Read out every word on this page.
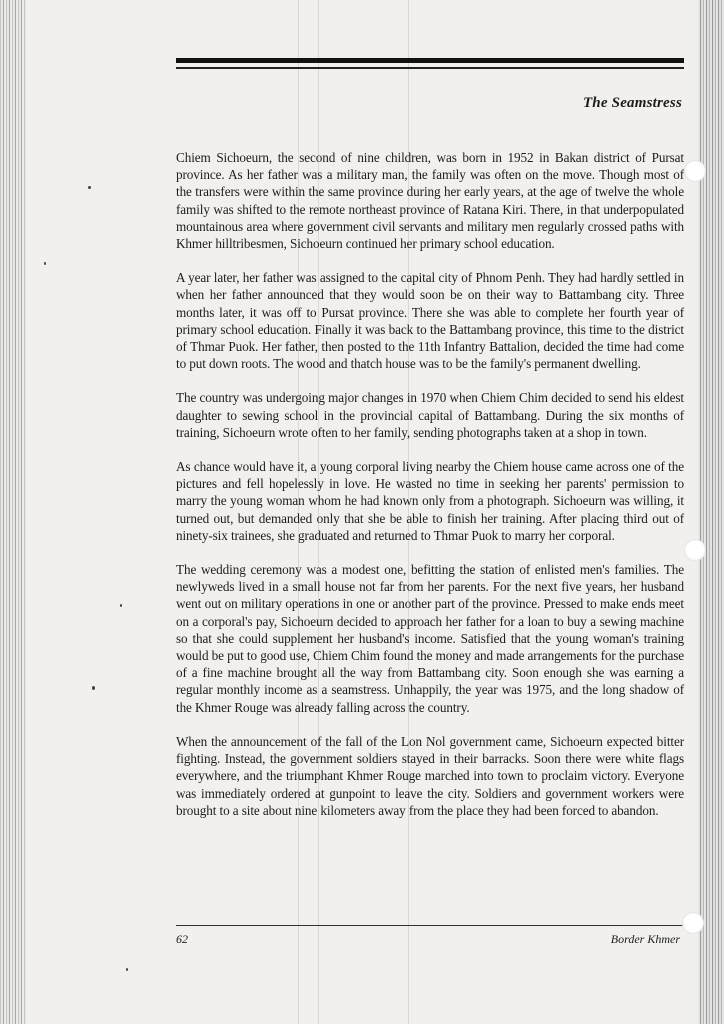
The Seamstress

Chiem Sichoeurn, the second of nine children, was born in 1952 in Bakan district of Pursat province. As her father was a military man, the family was often on the move. Though most of the transfers were within the same province during her early years, at the age of twelve the whole family was shifted to the remote northeast province of Ratana Kiri. There, in that underpopulated mountainous area where government civil servants and military men regularly crossed paths with Khmer hilltribesmen, Sichoeurn continued her primary school education.

A year later, her father was assigned to the capital city of Phnom Penh. They had hardly settled in when her father announced that they would soon be on their way to Battambang city. Three months later, it was off to Pursat province. There she was able to complete her fourth year of primary school education. Finally it was back to the Battambang province, this time to the district of Thmar Puok. Her father, then posted to the 11th Infantry Battalion, decided the time had come to put down roots. The wood and thatch house was to be the family's permanent dwelling.

The country was undergoing major changes in 1970 when Chiem Chim decided to send his eldest daughter to sewing school in the provincial capital of Battambang. During the six months of training, Sichoeurn wrote often to her family, sending photographs taken at a shop in town.

As chance would have it, a young corporal living nearby the Chiem house came across one of the pictures and fell hopelessly in love. He wasted no time in seeking her parents' permission to marry the young woman whom he had known only from a photograph. Sichoeurn was willing, it turned out, but demanded only that she be able to finish her training. After placing third out of ninety-six trainees, she graduated and returned to Thmar Puok to marry her corporal.

The wedding ceremony was a modest one, befitting the station of enlisted men's families. The newlyweds lived in a small house not far from her parents. For the next five years, her husband went out on military operations in one or another part of the province. Pressed to make ends meet on a corporal's pay, Sichoeurn decided to approach her father for a loan to buy a sewing machine so that she could supplement her husband's income. Satisfied that the young woman's training would be put to good use, Chiem Chim found the money and made arrangements for the purchase of a fine machine brought all the way from Battambang city. Soon enough she was earning a regular monthly income as a seamstress. Unhappily, the year was 1975, and the long shadow of the Khmer Rouge was already falling across the country.

When the announcement of the fall of the Lon Nol government came, Sichoeurn expected bitter fighting. Instead, the government soldiers stayed in their barracks. Soon there were white flags everywhere, and the triumphant Khmer Rouge marched into town to proclaim victory. Everyone was immediately ordered at gunpoint to leave the city. Soldiers and government workers were brought to a site about nine kilometers away from the place they had been forced to abandon.

62	Border Khmer
